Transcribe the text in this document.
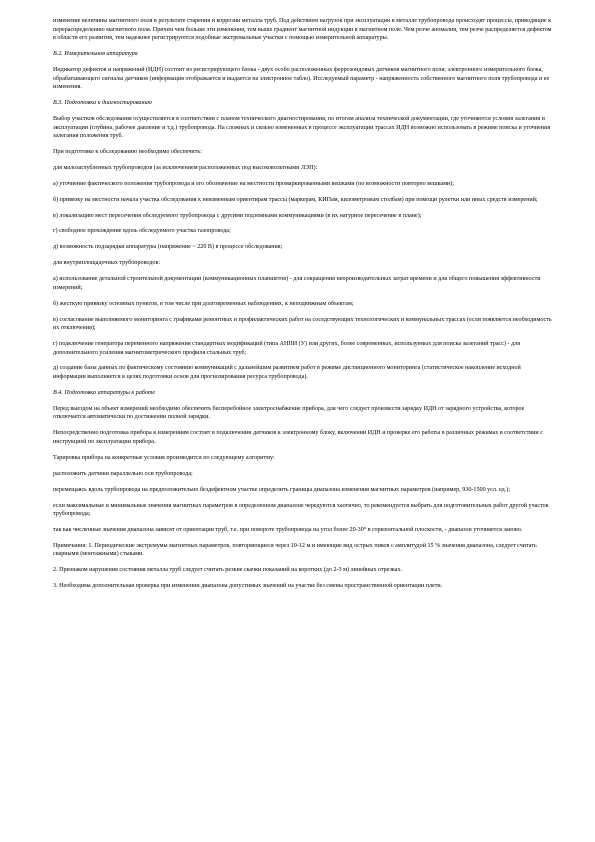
изменение величины магнитного поля в результате старения и коррозии металла труб. Под действием нагрузок при эксплуатации в металле трубопровода происходят процессы, приводящие к перераспределению магнитного поля. Причем чем больше эти изменения, тем выше градиент магнитной индукции в магнитном поле. Чем резче аномалия, тем резче распределяется дефектом в области его развития, тем надежнее регистрируются подобные экстремальные участки с помощью измерительной аппаратуры.

В.2. Измерительная аппаратура

Индикатор дефектов и напряжений (ИДН) состоит из регистрирующего блока - двух особо расположенных феррозондовых датчиков магнитного поля; электронного измерительного блока, обрабатывающего сигналы датчиков (информация отображается и выдается на электронное табло). Исследуемый параметр - напряженность собственного магнитного поля трубопровода и ее изменения.

В.3. Подготовка к диагностированию

Выбор участков обследования осуществляется в соответствии с планом технического диагностирования, по итогам анализа технической документации, где уточняются условия залегания и эксплуатации (глубина, рабочее давление и т.д.) трубопровода. На сложных и сильно измененных в процессе эксплуатации трассах ИДН возможно использовать в режиме поиска и уточнения залегания положения труб.

При подготовке к обследованию необходимо обеспечить:

для малозаглубленных трубопроводов (за исключением расположенных под высоковольтными ЛЭП):

а) уточнение фактического положения трубопровода и его обозначение на местности промаркированными вешками (по возможности повторно вешками);

б) привязку на местности начала участка обследования к неизменным ориентирам трассы (маркерам, КИПам, километровым столбам) при помощи рулетки или иных средств измерений;

в) локализацию мест пересечения обследуемого трубопровода с другими подземными коммуникациями (в их натурное пересечение в плане);

г) свободное прохождение вдоль обследуемого участка газопровода;

д) возможность подзарядки аппаратуры (напряжение ~ 220 В) в процессе обследования;

для внутриплощадочных трубопроводов:

а) использование детальной строительной документации (коммуникационных планшетов) - для сокращения непроизводительных затрат времени и для общего повышения эффективности измерений;

б) жесткую привязку основных пунктов, в том числе при долговременных наблюдениях, к неподвижным объектам;

в) согласование выполняемого мониторинга с графиками ремонтных и профилактических работ на соседствующих технологических и коммунальных трассах (если появляется необходимость их отключения);

г) подключение генератора переменного напряжения стандартных модификаций (типа АНПИ (У) или других, более современных, используемых для поиска залеганий трасс) - для дополнительного усиления магнитометрического профиля стальных труб;

д) создание базы данных по фактическому состоянию коммуникаций с дальнейшим развитием работ в режиме дистанционного мониторинга (статистическое накопление исходной информации выполняется в целях подготовки основ для прогнозирования ресурса трубопровода).

В.4. Подготовка аппаратуры к работе

Перед выездом на объект измерений необходимо обеспечить бесперебойное электроснабжение прибора, для чего следует произвести зарядку ИДН от зарядного устройства, которое отключается автоматически по достижении полной зарядки.

Непосредственно подготовка прибора к измерениям состоит в подключении датчиков к электронному блоку, включении ИДН и проверке его работы в различных режимах в соответствии с инструкцией по эксплуатации прибора.

Тарировка прибора на конкретные условия производится по следующему алгоритму:

расположить датчики параллельно оси трубопровода;

перемещаясь вдоль трубопровода на предположительно бездефектном участке определить границы диапазона изменения магнитных параметров (например, 930-1500 усл. ед.);

если максимальные и минимальные значения магнитных параметров в определенном диапазоне чередуются хаотично, то рекомендуется выбрать для подготовительных работ другой участок трубопровода;

так как численные значения диапазона зависят от ориентации труб, т.е. при повороте трубопровода на угол более 20-30° в горизонтальной плоскости, - диапазон уточняется заново.

Примечания: 1. Периодические экстремумы магнитных параметров, повторяющиеся через 10-12 м и имеющие вид острых пиков с амплитудой 15 % значения диапазона, следует считать сварными (монтажными) стыками.

2. Признаком нарушения состояния металла труб следует считать резкие скачки показаний на коротких (до 2-3 м) линейных отрезках.

3. Необходима дополнительная проверка при изменении диапазона допустимых значений на участке без смены пространственной ориентации плети.
